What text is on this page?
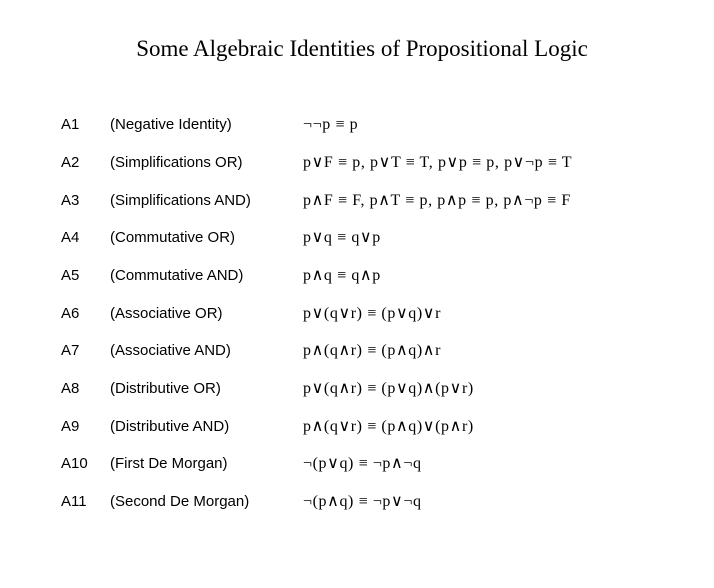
Some Algebraic Identities of Propositional Logic
A1 (Negative Identity)	¬¬p ≡ p
A2 (Simplifications OR)	p∨F ≡ p, p∨T ≡ T, p∨p ≡ p, p∨¬p ≡ T
A3 (Simplifications AND)	p∧F ≡ F, p∧T ≡ p, p∧p ≡ p, p∧¬p ≡ F
A4 (Commutative OR)	p∨q ≡ q∨p
A5 (Commutative AND)	p∧q ≡ q∧p
A6 (Associative OR)	p∨(q∨r) ≡ (p∨q)∨r
A7 (Associative AND)	p∧(q∧r) ≡ (p∧q)∧r
A8 (Distributive OR)	p∨(q∧r) ≡ (p∨q)∧(p∨r)
A9 (Distributive AND)	p∧(q∨r) ≡ (p∧q)∨(p∧r)
A10 (First De Morgan)	¬(p∨q) ≡ ¬p∧¬q
A11 (Second De Morgan)	¬(p∧q) ≡ ¬p∨¬q
